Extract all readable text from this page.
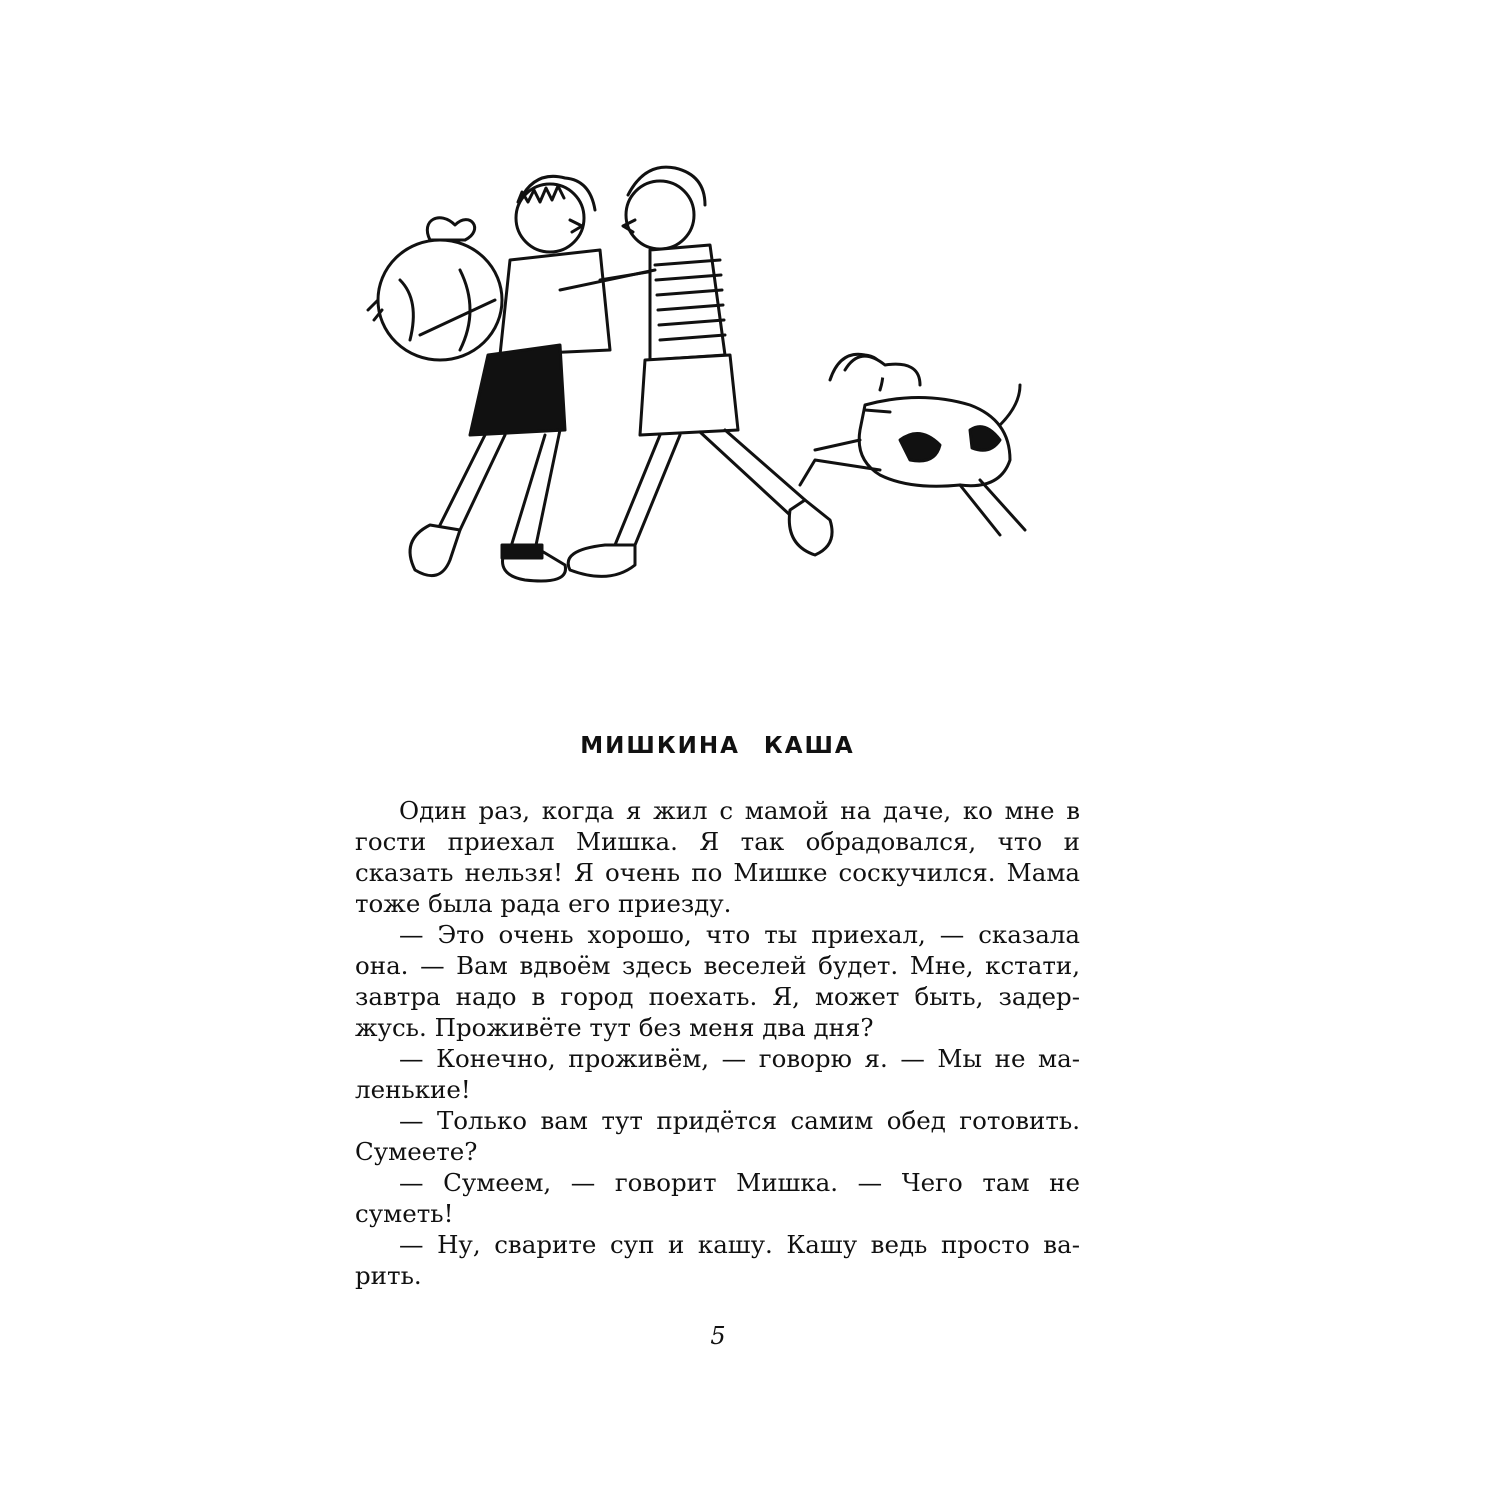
МИШКИНА КАША

Один раз, когда я жил с мамой на даче, ко мне в гости приехал Мишка. Я так обрадовался, что и сказать нельзя! Я очень по Мишке соскучился. Мама тоже была рада его приезду.

— Это очень хорошо, что ты приехал, — сказала она. — Вам вдвоём здесь веселей будет. Мне, кстати, завтра надо в город поехать. Я, может быть, задержусь. Проживёте тут без меня два дня?

— Конечно, проживём, — говорю я. — Мы не маленькие!

— Только вам тут придётся самим обед готовить. Сумеете?

— Сумеем, — говорит Мишка. — Чего там не суметь!

— Ну, сварите суп и кашу. Кашу ведь просто варить.

5
